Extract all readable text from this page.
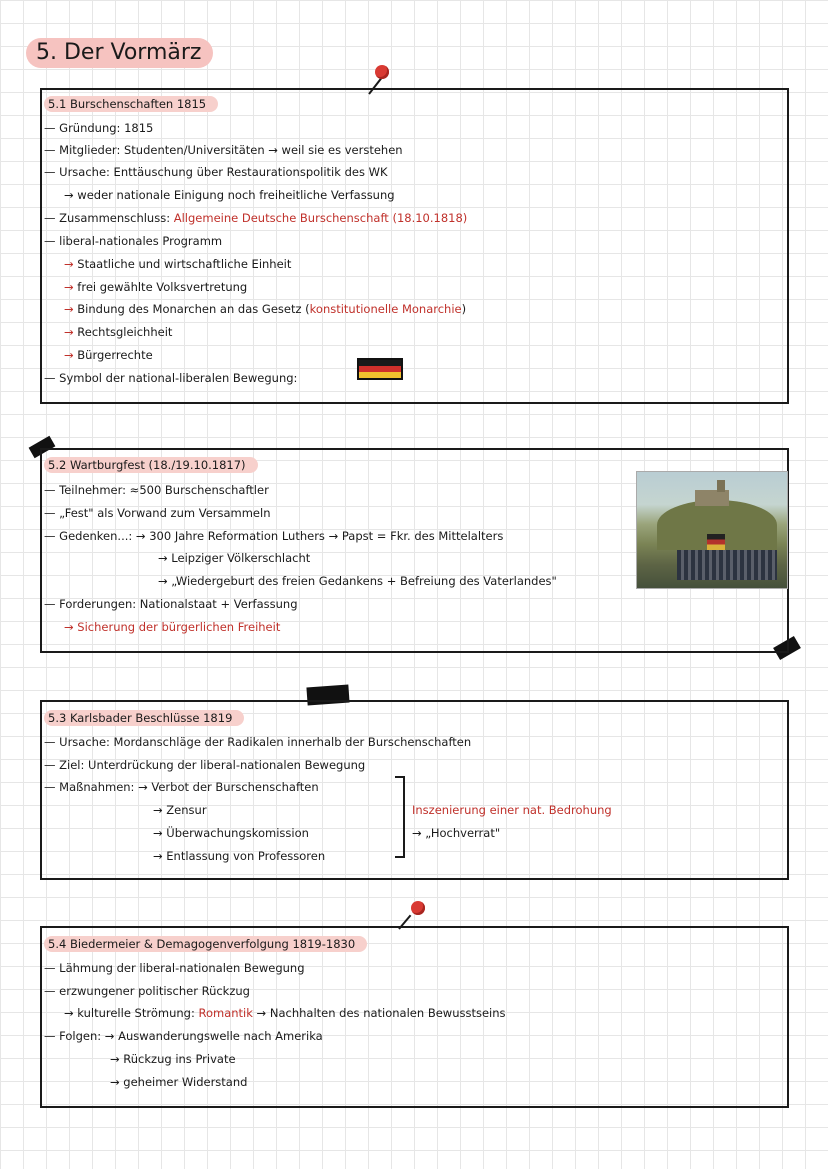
5. Der Vormärz
5.1 Burschenschaften 1815
— Gründung: 1815
— Mitglieder: Studenten/Universitäten → weil sie es verstehen
— Ursache: Enttäuschung über Restaurationspolitik des WK
→ weder nationale Einigung noch freiheitliche Verfassung
— Zusammenschluss: Allgemeine Deutsche Burschenschaft (18.10.1818)
— liberal-nationales Programm
→ Staatliche und wirtschaftliche Einheit
→ frei gewählte Volksvertretung
→ Bindung des Monarchen an das Gesetz (konstitutionelle Monarchie)
→ Rechtsgleichheit
→ Bürgerrechte
— Symbol der national-liberalen Bewegung:
5.2 Wartburgfest (18./19.10.1817)
— Teilnehmer: ≈500 Burschenschaftler
— „Fest" als Vorwand zum Versammeln
— Gedenken...: → 300 Jahre Reformation Luthers → Papst = Fkr. des Mittelalters
→ Leipziger Völkerschlacht
→ „Wiedergeburt des freien Gedankens + Befreiung des Vaterlandes"
— Forderungen: Nationalstaat + Verfassung
→ Sicherung der bürgerlichen Freiheit
5.3 Karlsbader Beschlüsse 1819
— Ursache: Mordanschläge der Radikalen innerhalb der Burschenschaften
— Ziel: Unterdrückung der liberal-nationalen Bewegung
— Maßnahmen: → Verbot der Burschenschaften
→ Zensur
→ Überwachungskomission
→ Entlassung von Professoren
Inszenierung einer nat. Bedrohung
→ „Hochverrat"
5.4 Biedermeier & Demagogenverfolgung 1819-1830
— Lähmung der liberal-nationalen Bewegung
— erzwungener politischer Rückzug
→ kulturelle Strömung: Romantik → Nachhalten des nationalen Bewusstseins
— Folgen: → Auswanderungswelle nach Amerika
→ Rückzug ins Private
→ geheimer Widerstand
